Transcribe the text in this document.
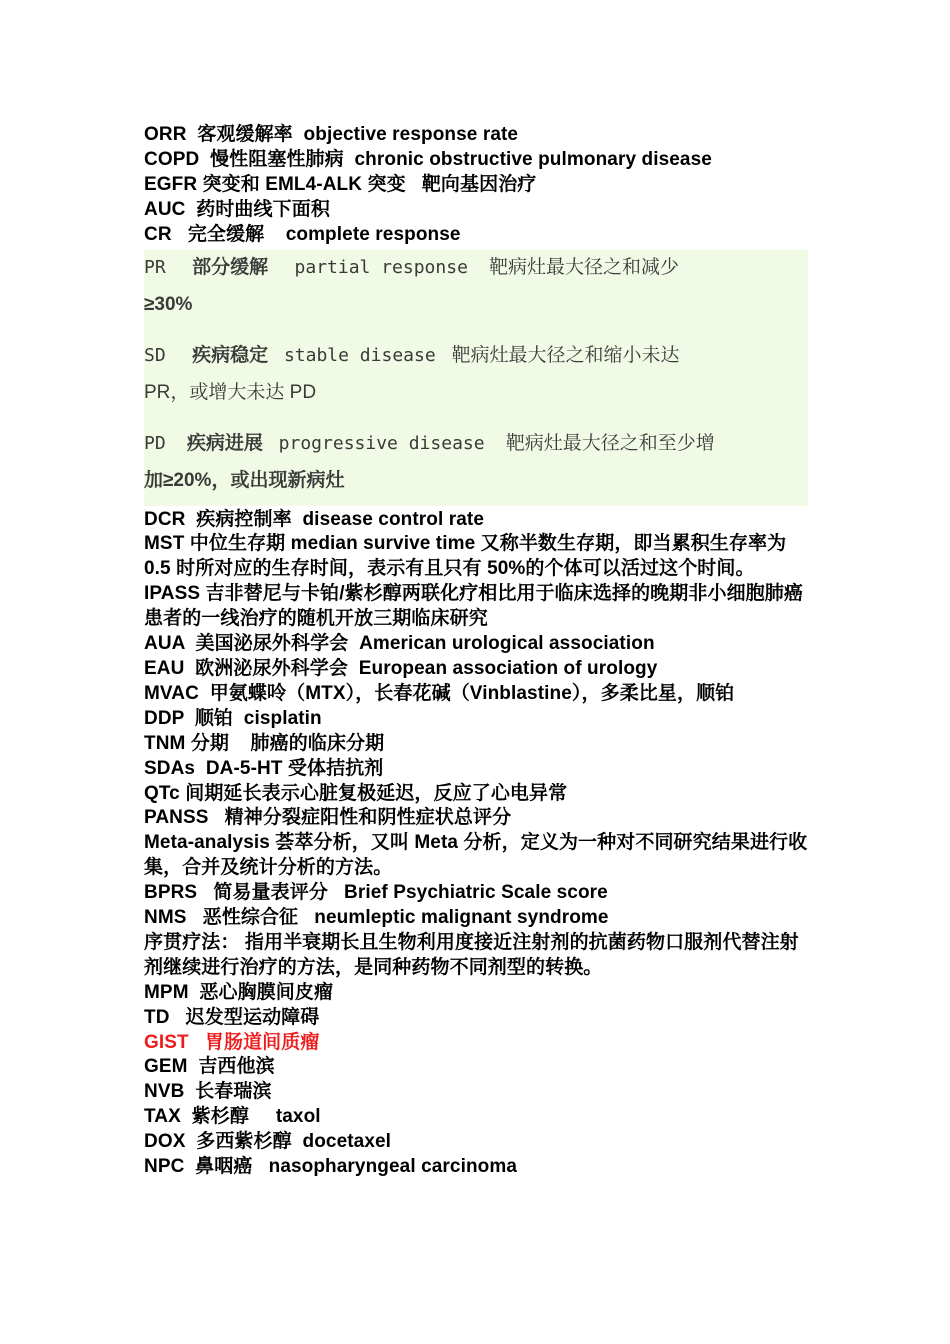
ORR  客观缓解率  objective response rate
COPD  慢性阻塞性肺病  chronic obstructive pulmonary disease
EGFR 突变和 EML4-ALK 突变   靶向基因治疗
AUC  药时曲线下面积
CR   完全缓解    complete response
PR 部分缓解 partial response 靶病灶最大径之和减少
≥30%
SD 疾病稳定 stable disease 靶病灶最大径之和缩小未达
PR，或增大未达 PD
PD 疾病进展 progressive disease 靶病灶最大径之和至少增
加≥20%，或出现新病灶
DCR  疾病控制率  disease control rate
MST 中位生存期 median survive time 又称半数生存期，即当累积生存率为 0.5 时所对应的生存时间，表示有且只有 50%的个体可以活过这个时间。
IPASS 吉非替尼与卡铂/紫杉醇两联化疗相比用于临床选择的晚期非小细胞肺癌患者的一线治疗的随机开放三期临床研究
AUA  美国泌尿外科学会  American urological association
EAU  欧洲泌尿外科学会  European association of urology
MVAC  甲氨蝶呤（MTX），长春花碱（Vinblastine），多柔比星，顺铂
DDP  顺铂  cisplatin
TNM 分期    肺癌的临床分期
SDAs  DA-5-HT 受体拮抗剂
QTc 间期延长表示心脏复极延迟，反应了心电异常
PANSS   精神分裂症阳性和阴性症状总评分
Meta-analysis 荟萃分析，又叫 Meta 分析，定义为一种对不同研究结果进行收集，合并及统计分析的方法。
BPRS   简易量表评分   Brief Psychiatric Scale score
NMS   恶性综合征   neumleptic malignant syndrome
序贯疗法： 指用半衰期长且生物利用度接近注射剂的抗菌药物口服剂代替注射剂继续进行治疗的方法，是同种药物不同剂型的转换。
MPM  恶心胸膜间皮瘤
TD   迟发型运动障碍
GIST   胃肠道间质瘤
GEM  吉西他滨
NVB  长春瑞滨
TAX  紫杉醇     taxol
DOX  多西紫杉醇  docetaxel
NPC  鼻咽癌   nasopharyngeal carcinoma
